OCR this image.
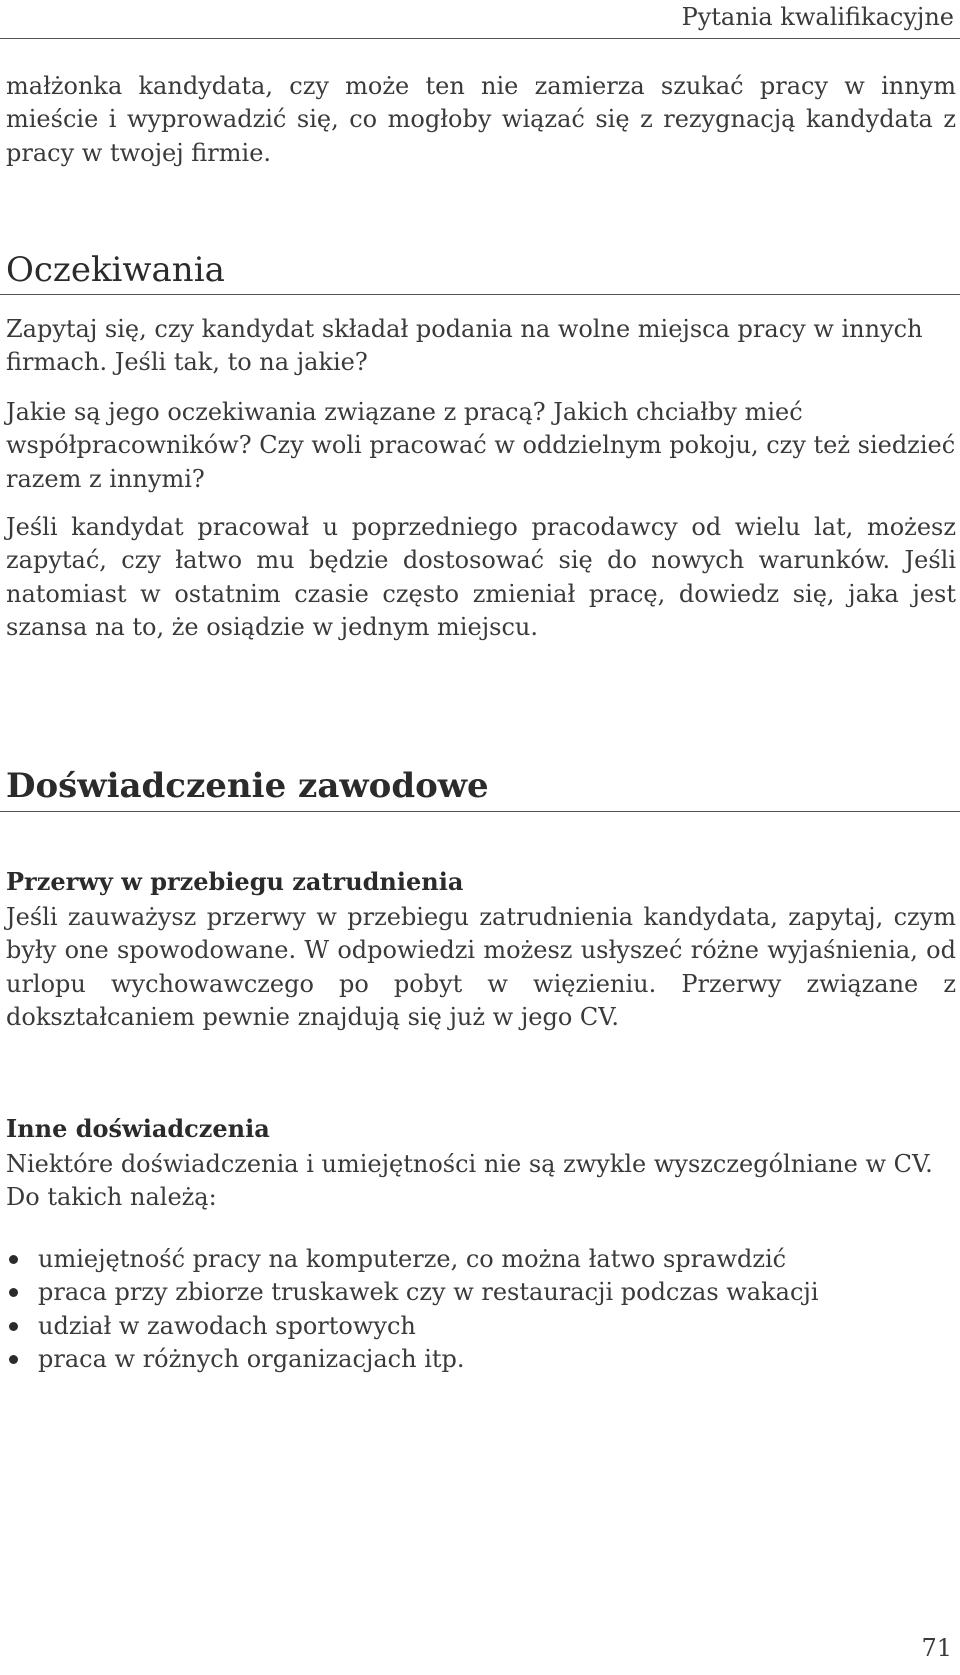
Pytania kwalifikacyjne

małżonka kandydata, czy może ten nie zamierza szukać pracy w innym mieście i wyprowadzić się, co mogłoby wiązać się z rezygnacją kandydata z pracy w twojej firmie.

Oczekiwania

Zapytaj się, czy kandydat składał podania na wolne miejsca pracy w innych firmach. Jeśli tak, to na jakie?

Jakie są jego oczekiwania związane z pracą? Jakich chciałby mieć współpracowników? Czy woli pracować w oddzielnym pokoju, czy też siedzieć razem z innymi?

Jeśli kandydat pracował u poprzedniego pracodawcy od wielu lat, możesz zapytać, czy łatwo mu będzie dostosować się do nowych warunków. Jeśli natomiast w ostatnim czasie często zmieniał pracę, dowiedz się, jaka jest szansa na to, że osiądzie w jednym miejscu.

Doświadczenie zawodowe
Przerwy w przebiegu zatrudnienia

Jeśli zauważysz przerwy w przebiegu zatrudnienia kandydata, zapytaj, czym były one spowodowane. W odpowiedzi możesz usłyszeć różne wyjaśnienia, od urlopu wychowawczego po pobyt w więzieniu. Przerwy związane z dokształcaniem pewnie znajdują się już w jego CV.

Inne doświadczenia

Niektóre doświadczenia i umiejętności nie są zwykle wyszczególniane w CV. Do takich należą:

umiejętność pracy na komputerze, co można łatwo sprawdzić
praca przy zbiorze truskawek czy w restauracji podczas wakacji
udział w zawodach sportowych
praca w różnych organizacjach itp.
71
